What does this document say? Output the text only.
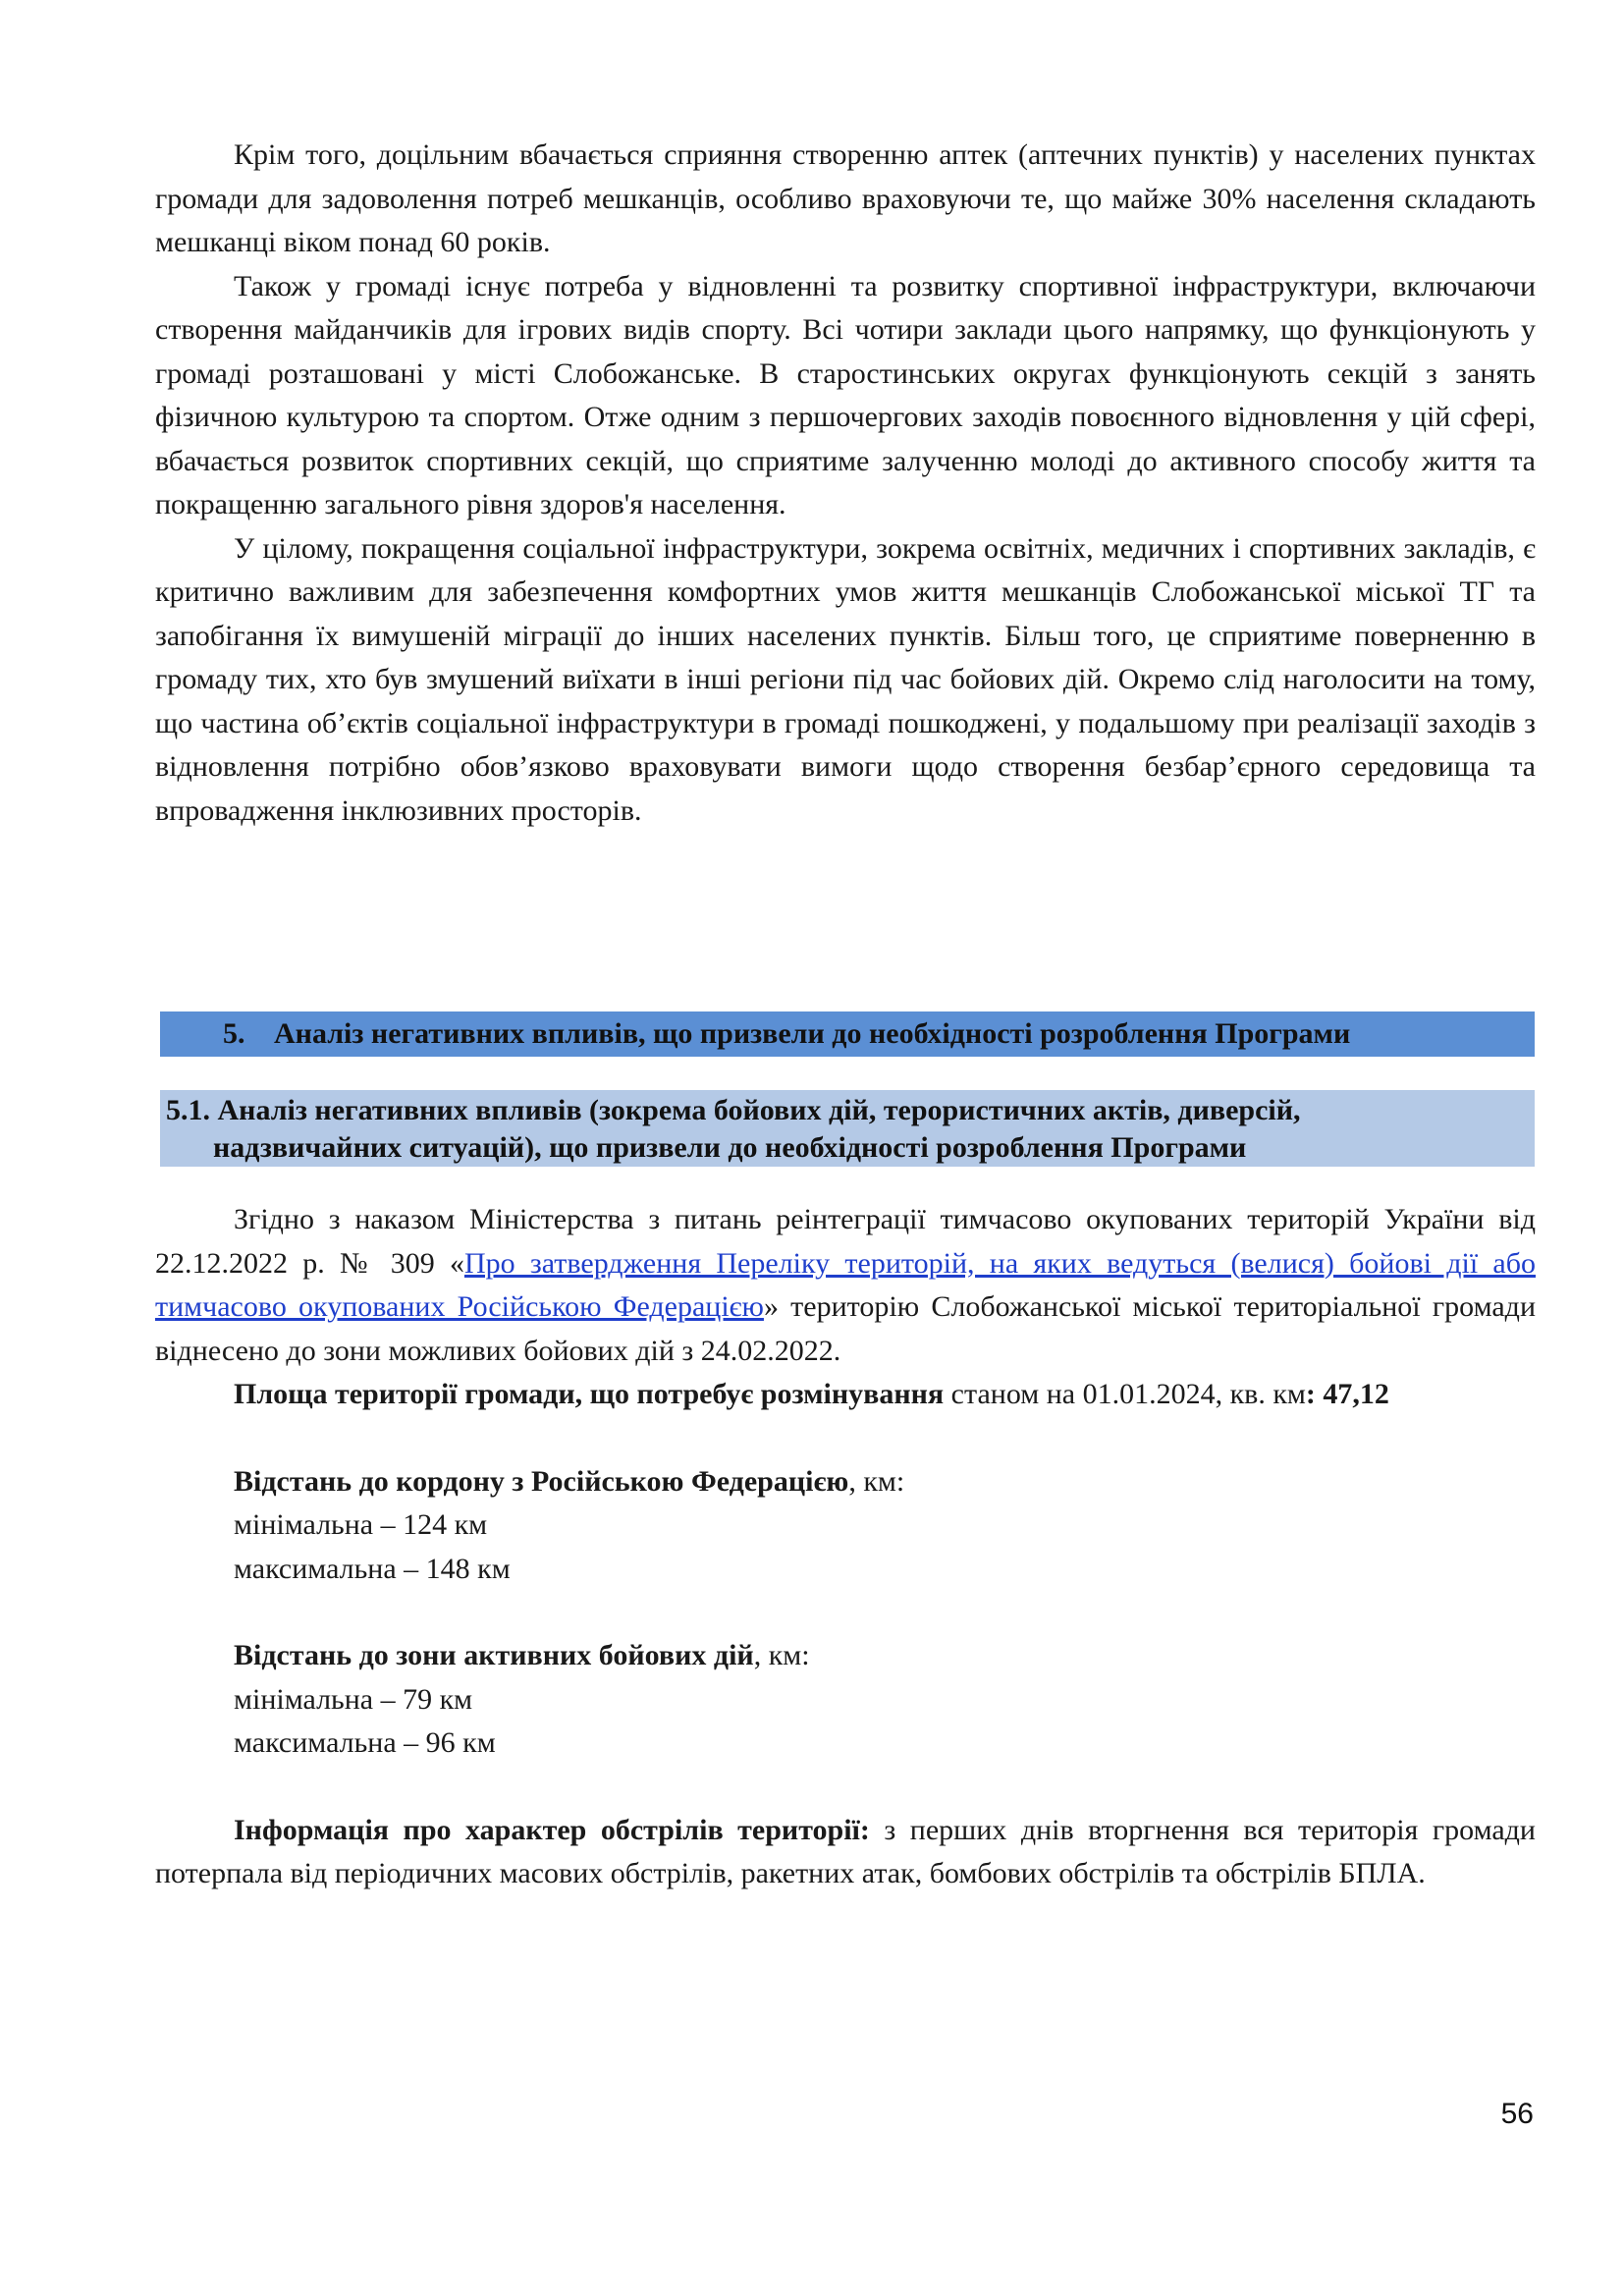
Крім того, доцільним вбачається сприяння створенню аптек (аптечних пунктів) у населених пунктах громади для задоволення потреб мешканців, особливо враховуючи те, що майже 30% населення складають мешканці віком понад 60 років.

Також у громаді існує потреба у відновленні та розвитку спортивної інфраструктури, включаючи створення майданчиків для ігрових видів спорту. Всі чотири заклади цього напрямку, що функціонують у громаді розташовані у місті Слобожанське. В старостинських округах функціонують секцій з занять фізичною культурою та спортом. Отже одним з першочергових заходів повоєнного відновлення у цій сфері, вбачається розвиток спортивних секцій, що сприятиме залученню молоді до активного способу життя та покращенню загального рівня здоров'я населення.

У цілому, покращення соціальної інфраструктури, зокрема освітніх, медичних і спортивних закладів, є критично важливим для забезпечення комфортних умов життя мешканців Слобожанської міської ТГ та запобігання їх вимушеній міграції до інших населених пунктів. Більш того, це сприятиме поверненню в громаду тих, хто був змушений виїхати в інші регіони під час бойових дій. Окремо слід наголосити на тому, що частина об’єктів соціальної інфраструктури в громаді пошкоджені, у подальшому при реалізації заходів з відновлення потрібно обов’язково враховувати вимоги щодо створення безбар’єрного середовища та впровадження інклюзивних просторів.

5. Аналіз негативних впливів, що призвели до необхідності розроблення Програми
5.1. Аналіз негативних впливів (зокрема бойових дій, терористичних актів, диверсій,
надзвичайних ситуацій), що призвели до необхідності розроблення Програми

Згідно з наказом Міністерства з питань реінтеграції тимчасово окупованих територій України від 22.12.2022 р. № 309 «Про затвердження Переліку територій, на яких ведуться (велися) бойові дії або тимчасово окупованих Російською Федерацією» територію Слобожанської міської територіальної громади віднесено до зони можливих бойових дій з 24.02.2022.

Площа території громади, що потребує розмінування станом на 01.01.2024, кв. км: 47,12

Відстань до кордону з Російською Федерацією, км:

мінімальна – 124 км

максимальна – 148 км

Відстань до зони активних бойових дій, км:

мінімальна – 79 км

максимальна – 96 км

Інформація про характер обстрілів території: з перших днів вторгнення вся територія громади потерпала від періодичних масових обстрілів, ракетних атак, бомбових обстрілів та обстрілів БПЛА.

56
